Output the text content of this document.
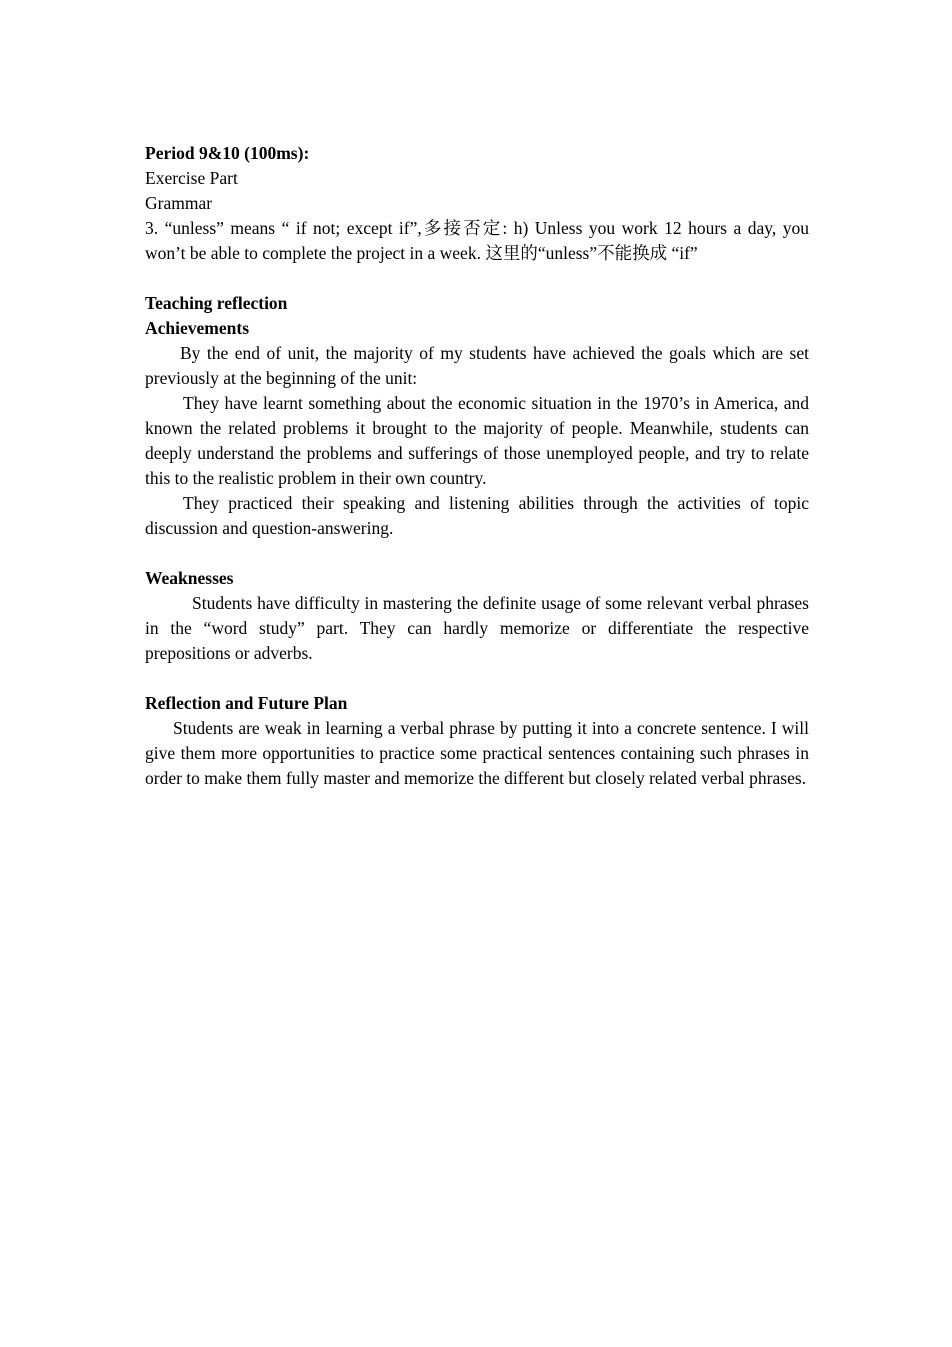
Period 9&10 (100ms):

Exercise Part

Grammar

3. “unless” means “ if not; except if”,多接否定: h) Unless you work 12 hours a day, you won’t be able to complete the project in a week. 这里的“unless”不能换成 “if”

Teaching reflection

Achievements

By the end of unit, the majority of my students have achieved the goals which are set previously at the beginning of the unit:

They have learnt something about the economic situation in the 1970’s in America, and known the related problems it brought to the majority of people. Meanwhile, students can deeply understand the problems and sufferings of those unemployed people, and try to relate this to the realistic problem in their own country.

They practiced their speaking and listening abilities through the activities of topic discussion and question-answering.

Weaknesses

Students have difficulty in mastering the definite usage of some relevant verbal phrases in the “word study” part. They can hardly memorize or differentiate the respective prepositions or adverbs.

Reflection and Future Plan

Students are weak in learning a verbal phrase by putting it into a concrete sentence. I will give them more opportunities to practice some practical sentences containing such phrases in order to make them fully master and memorize the different but closely related verbal phrases.
